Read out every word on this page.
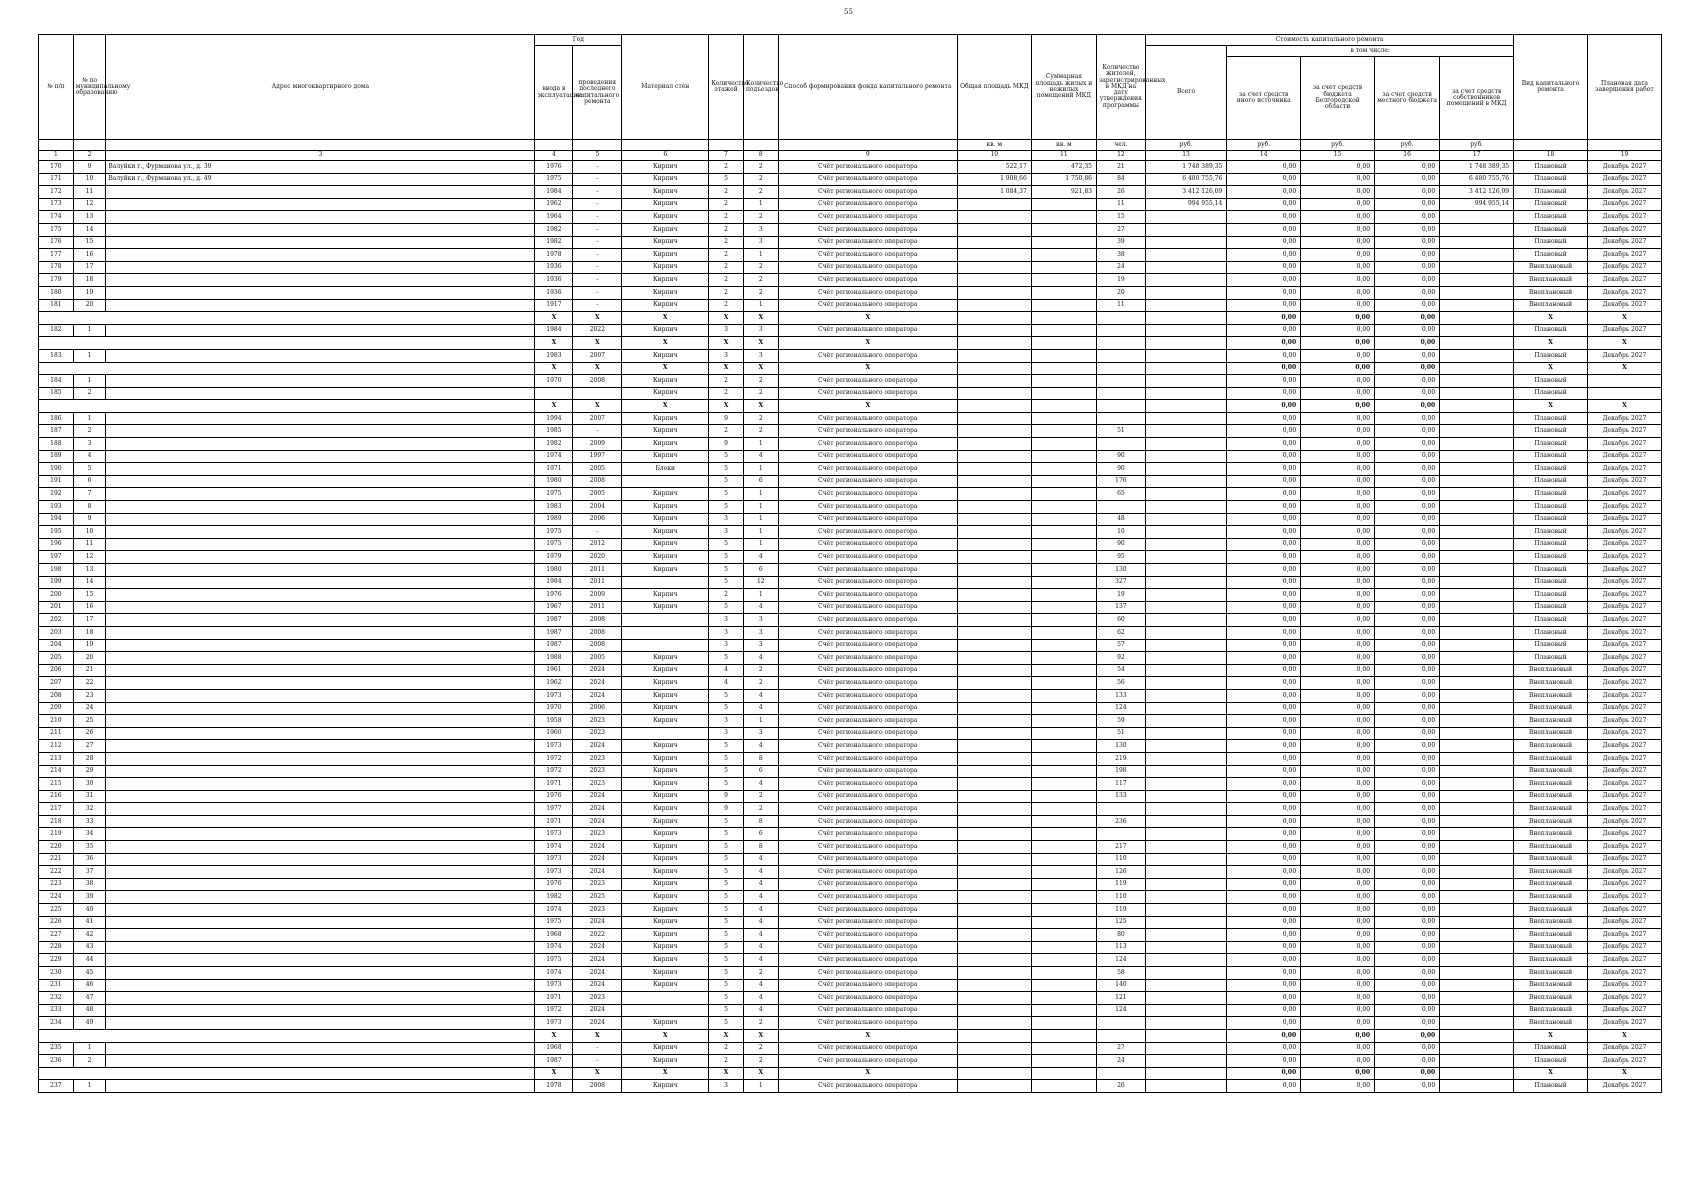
55
№ п/п	№ по муниципальному образованию	Адрес многоквартирного дома	Год		Материал стен	Количество этажей	Количество подъездов	Способ формирования фонда капитального ремонта	Общая площадь МКД	Суммарная площадь жилых и нежилых помещений МКД	Количество жителей, зарегистрированных в МКД на дату утверждения программы	Стоимость капитального ремонта					Вид капитального ремонта	Плановая дата завершения работ
			ввода в эксплуатацию	проведения последнего капитального ремонта								Всего	в том числе:					
													за счет средств иного источника	за счет средств бюджета Белгородской области	за счет средств местного бюджета	за счет средств собственников помещений в МКД		
									кв. м	кв. м	чел.	руб.	руб.	руб.	руб.	руб.		
1	2	3	4	5	6	7	8	9	10	11	12	13	14	15	16	17	18	19
170	9	Валуйки г., Фурманова ул., д. 39	1976	-	Кирпич	2	2	Счёт регионального оператора	522,17	472,35	21	1 748 389,35	0,00	0,00	0,00	1 748 389,35	Плановый	Декабрь 2027
171	10	Валуйки г., Фурманова ул., д. 49	1975	-	Кирпич	5	2	Счёт регионального оператора	1 908,66	1 750,86	84	6 480 755,76	0,00	0,00	0,00	6 480 755,76	Плановый	Декабрь 2027
172	11		1984	-	Кирпич	2	2	Счёт регионального оператора	1 084,37	921,83	26	3 412 126,09	0,00	0,00	0,00	3 412 126,09	Плановый	Декабрь 2027
173	12		1962	-	Кирпич	2	1	Счёт регионального оператора			11	994 955,14	0,00	0,00	0,00	994 955,14	Плановый	Декабрь 2027
174	13		1964	-	Кирпич	2	2	Счёт регионального оператора			15		0,00	0,00	0,00		Плановый	Декабрь 2027
175	14		1982	-	Кирпич	2	3	Счёт регионального оператора			27		0,00	0,00	0,00		Плановый	Декабрь 2027
176	15		1982	-	Кирпич	2	3	Счёт регионального оператора			39		0,00	0,00	0,00		Плановый	Декабрь 2027
177	16		1978	-	Кирпич	2	1	Счёт регионального оператора			38		0,00	0,00	0,00		Плановый	Декабрь 2027
178	17		1936	-	Кирпич	2	2	Счёт регионального оператора			24		0,00	0,00	0,00		Внеплановый	Декабрь 2027
179	18		1936	-	Кирпич	2	2	Счёт регионального оператора			19		0,00	0,00	0,00		Внеплановый	Декабрь 2027
180	19		1936	-	Кирпич	2	2	Счёт регионального оператора			20		0,00	0,00	0,00		Внеплановый	Декабрь 2027
181	20		1917	-	Кирпич	2	1	Счёт регионального оператора			11		0,00	0,00	0,00		Внеплановый	Декабрь 2027
			X	X	X	X	X	X					0,00	0,00	0,00		X	X
182	1		1984	2022	Кирпич	3	3	Счёт регионального оператора					0,00	0,00	0,00		Плановый	Декабрь 2027
			X	X	X	X	X	X					0,00	0,00	0,00		X	X
183	1		1983	2007	Кирпич	3	3	Счёт регионального оператора					0,00	0,00	0,00		Плановый	Декабрь 2027
			X	X	X	X	X	X					0,00	0,00	0,00		X	X
184	1		1970	2008	Кирпич	2	2	Счёт регионального оператора					0,00	0,00	0,00		Плановый	
185	2				Кирпич	2	2	Счёт регионального оператора					0,00	0,00	0,00		Плановый	
			X	X	X	X	X	X					0,00	0,00	0,00		X	X
186	1		1994	2007	Кирпич	9	2	Счёт регионального оператора					0,00	0,00	0,00		Плановый	Декабрь 2027
187	2		1985	-	Кирпич	2	2	Счёт регионального оператора			51		0,00	0,00	0,00		Плановый	Декабрь 2027
188	3		1982	2009	Кирпич	9	1	Счёт регионального оператора					0,00	0,00	0,00		Плановый	Декабрь 2027
189	4		1974	1997	Кирпич	5	4	Счёт регионального оператора			90		0,00	0,00	0,00		Плановый	Декабрь 2027
190	5		1971	2005	Блоки	5	1	Счёт регионального оператора			90		0,00	0,00	0,00		Плановый	Декабрь 2027
191	6		1980	2008		5	6	Счёт регионального оператора			176		0,00	0,00	0,00		Плановый	Декабрь 2027
192	7		1975	2005	Кирпич	5	1	Счёт регионального оператора			65		0,00	0,00	0,00		Плановый	Декабрь 2027
193	8		1983	2004	Кирпич	5	1	Счёт регионального оператора					0,00	0,00	0,00		Плановый	Декабрь 2027
194	9		1989	2006	Кирпич	3	1	Счёт регионального оператора			48		0,00	0,00	0,00		Плановый	Декабрь 2027
195	10		1975	-	Кирпич	3	1	Счёт регионального оператора			10		0,00	0,00	0,00		Плановый	Декабрь 2027
196	11		1975	2012	Кирпич	5	1	Счёт регионального оператора			90		0,00	0,00	0,00		Плановый	Декабрь 2027
197	12		1979	2020	Кирпич	5	4	Счёт регионального оператора			95		0,00	0,00	0,00		Плановый	Декабрь 2027
198	13		1980	2011	Кирпич	5	6	Счёт регионального оператора			130		0,00	0,00	0,00		Плановый	Декабрь 2027
199	14		1984	2011		5	12	Счёт регионального оператора			327		0,00	0,00	0,00		Плановый	Декабрь 2027
200	15		1976	2009	Кирпич	2	1	Счёт регионального оператора			19		0,00	0,00	0,00		Плановый	Декабрь 2027
201	16		1967	2011	Кирпич	5	4	Счёт регионального оператора			137		0,00	0,00	0,00		Плановый	Декабрь 2027
202	17		1987	2008		3	3	Счёт регионального оператора			60		0,00	0,00	0,00		Плановый	Декабрь 2027
203	18		1987	2008		3	3	Счёт регионального оператора			62		0,00	0,00	0,00		Плановый	Декабрь 2027
204	19		1987	2008		3	3	Счёт регионального оператора			57		0,00	0,00	0,00		Плановый	Декабрь 2027
205	20		1988	2005	Кирпич	5	4	Счёт регионального оператора			92		0,00	0,00	0,00		Плановый	Декабрь 2027
206	21		1961	2024	Кирпич	4	2	Счёт регионального оператора			54		0,00	0,00	0,00		Внеплановый	Декабрь 2027
207	22		1962	2024	Кирпич	4	2	Счёт регионального оператора			56		0,00	0,00	0,00		Внеплановый	Декабрь 2027
208	23		1973	2024	Кирпич	5	4	Счёт регионального оператора			133		0,00	0,00	0,00		Внеплановый	Декабрь 2027
209	24		1970	2006	Кирпич	5	4	Счёт регионального оператора			124		0,00	0,00	0,00		Внеплановый	Декабрь 2027
210	25		1958	2023	Кирпич	3	1	Счёт регионального оператора			59		0,00	0,00	0,00		Внеплановый	Декабрь 2027
211	26		1960	2023		3	3	Счёт регионального оператора			51		0,00	0,00	0,00		Внеплановый	Декабрь 2027
212	27		1973	2024	Кирпич	5	4	Счёт регионального оператора			130		0,00	0,00	0,00		Внеплановый	Декабрь 2027
213	28		1972	2023	Кирпич	5	8	Счёт регионального оператора			219		0,00	0,00	0,00		Внеплановый	Декабрь 2027
214	29		1972	2023	Кирпич	5	6	Счёт регионального оператора			198		0,00	0,00	0,00		Внеплановый	Декабрь 2027
215	30		1971	2023	Кирпич	5	4	Счёт регионального оператора			117		0,00	0,00	0,00		Внеплановый	Декабрь 2027
216	31		1976	2024	Кирпич	9	2	Счёт регионального оператора			133		0,00	0,00	0,00		Внеплановый	Декабрь 2027
217	32		1977	2024	Кирпич	9	2	Счёт регионального оператора					0,00	0,00	0,00		Внеплановый	Декабрь 2027
218	33		1971	2024	Кирпич	5	8	Счёт регионального оператора			236		0,00	0,00	0,00		Внеплановый	Декабрь 2027
219	34		1973	2023	Кирпич	5	6	Счёт регионального оператора					0,00	0,00	0,00		Внеплановый	Декабрь 2027
220	35		1974	2024	Кирпич	5	8	Счёт регионального оператора			217		0,00	0,00	0,00		Внеплановый	Декабрь 2027
221	36		1973	2024	Кирпич	5	4	Счёт регионального оператора			110		0,00	0,00	0,00		Внеплановый	Декабрь 2027
222	37		1973	2024	Кирпич	5	4	Счёт регионального оператора			126		0,00	0,00	0,00		Внеплановый	Декабрь 2027
223	38		1976	2023	Кирпич	5	4	Счёт регионального оператора			119		0,00	0,00	0,00		Внеплановый	Декабрь 2027
224	39		1982	2025	Кирпич	5	4	Счёт регионального оператора			110		0,00	0,00	0,00		Внеплановый	Декабрь 2027
225	40		1974	2023	Кирпич	5	4	Счёт регионального оператора			119		0,00	0,00	0,00		Внеплановый	Декабрь 2027
226	41		1975	2024	Кирпич	5	4	Счёт регионального оператора			125		0,00	0,00	0,00		Внеплановый	Декабрь 2027
227	42		1968	2022	Кирпич	5	4	Счёт регионального оператора			80		0,00	0,00	0,00		Внеплановый	Декабрь 2027
228	43		1974	2024	Кирпич	5	4	Счёт регионального оператора			113		0,00	0,00	0,00		Внеплановый	Декабрь 2027
229	44		1975	2024	Кирпич	5	4	Счёт регионального оператора			124		0,00	0,00	0,00		Внеплановый	Декабрь 2027
230	45		1974	2024	Кирпич	5	2	Счёт регионального оператора			58		0,00	0,00	0,00		Внеплановый	Декабрь 2027
231	46		1973	2024	Кирпич	5	4	Счёт регионального оператора			140		0,00	0,00	0,00		Внеплановый	Декабрь 2027
232	47		1971	2023		5	4	Счёт регионального оператора			121		0,00	0,00	0,00		Внеплановый	Декабрь 2027
233	48		1972	2024		5	4	Счёт регионального оператора			124		0,00	0,00	0,00		Внеплановый	Декабрь 2027
234	49		1973	2024	Кирпич	5	2	Счёт регионального оператора					0,00	0,00	0,00		Внеплановый	Декабрь 2027
			X	X	X	X	X	X					0,00	0,00	0,00		X	X
235	1		1968	-	Кирпич	2	2	Счёт регионального оператора			27		0,00	0,00	0,00		Плановый	Декабрь 2027
236	2		1987	-	Кирпич	2	2	Счёт регионального оператора			24		0,00	0,00	0,00		Плановый	Декабрь 2027
			X	X	X	X	X	X					0,00	0,00	0,00		X	X
237	1		1978	2008	Кирпич	3	1	Счёт регионального оператора			26		0,00	0,00	0,00		Плановый	Декабрь 2027
